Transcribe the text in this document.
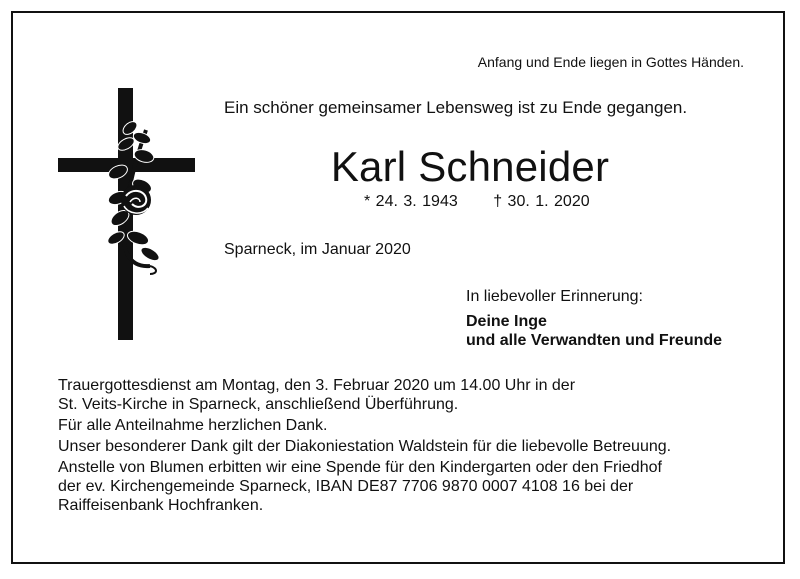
Anfang und Ende liegen in Gottes Händen.
Ein schöner gemeinsamer Lebensweg ist zu Ende gegangen.
Karl Schneider
* 24. 3. 1943 † 30. 1. 2020
Sparneck, im Januar 2020
In liebevoller Erinnerung:
Deine Inge
und alle Verwandten und Freunde

Trauergottesdienst am Montag, den 3. Februar 2020 um 14.00 Uhr in der
St. Veits-Kirche in Sparneck, anschließend Überführung.

Für alle Anteilnahme herzlichen Dank.

Unser besonderer Dank gilt der Diakoniestation Waldstein für die liebevolle Betreuung.

Anstelle von Blumen erbitten wir eine Spende für den Kindergarten oder den Friedhof
der ev. Kirchengemeinde Sparneck, IBAN DE87 7706 9870 0007 4108 16 bei der
Raiffeisenbank Hochfranken.
